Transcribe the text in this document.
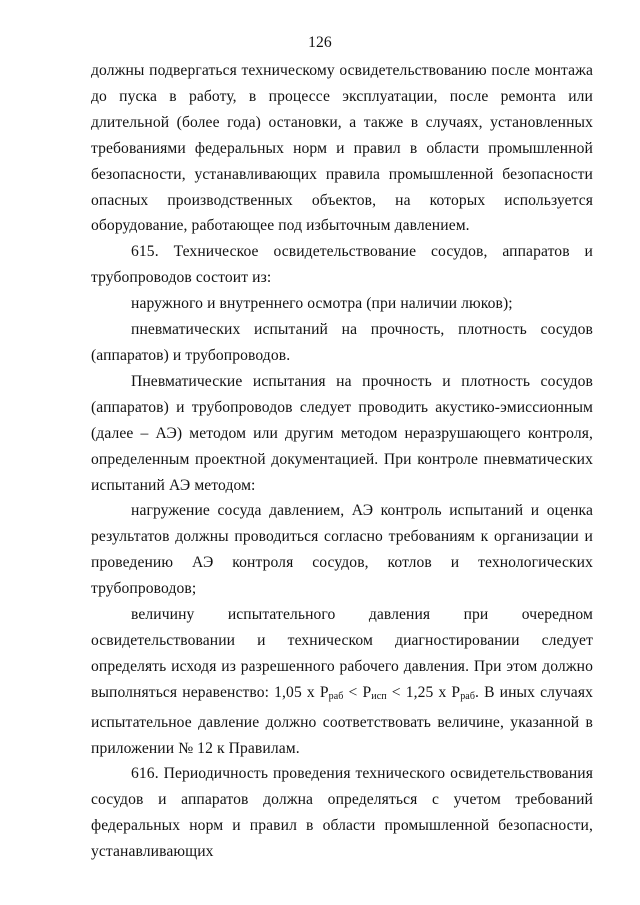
126

должны подвергаться техническому освидетельствованию после монтажа до пуска в работу, в процессе эксплуатации, после ремонта или длительной (более года) остановки, а также в случаях, установленных требованиями федеральных норм и правил в области промышленной безопасности, устанавливающих правила промышленной безопасности опасных производственных объектов, на которых используется оборудование, работающее под избыточным давлением.

615. Техническое освидетельствование сосудов, аппаратов и трубопроводов состоит из:

наружного и внутреннего осмотра (при наличии люков);

пневматических испытаний на прочность, плотность сосудов (аппаратов) и трубопроводов.

Пневматические испытания на прочность и плотность сосудов (аппаратов) и трубопроводов следует проводить акустико-эмиссионным (далее – АЭ) методом или другим методом неразрушающего контроля, определенным проектной документацией. При контроле пневматических испытаний АЭ методом:

нагружение сосуда давлением, АЭ контроль испытаний и оценка результатов должны проводиться согласно требованиям к организации и проведению АЭ контроля сосудов, котлов и технологических трубопроводов;

величину испытательного давления при очередном освидетельствовании и техническом диагностировании следует определять исходя из разрешенного рабочего давления. При этом должно выполняться неравенство: 1,05 x $P_{раб} < P_{исп} < 1,25$ x $P_{раб}$. В иных случаях испытательное давление должно соответствовать величине, указанной в приложении № 12 к Правилам.

616. Периодичность проведения технического освидетельствования сосудов и аппаратов должна определяться с учетом требований федеральных норм и правил в области промышленной безопасности, устанавливающих
